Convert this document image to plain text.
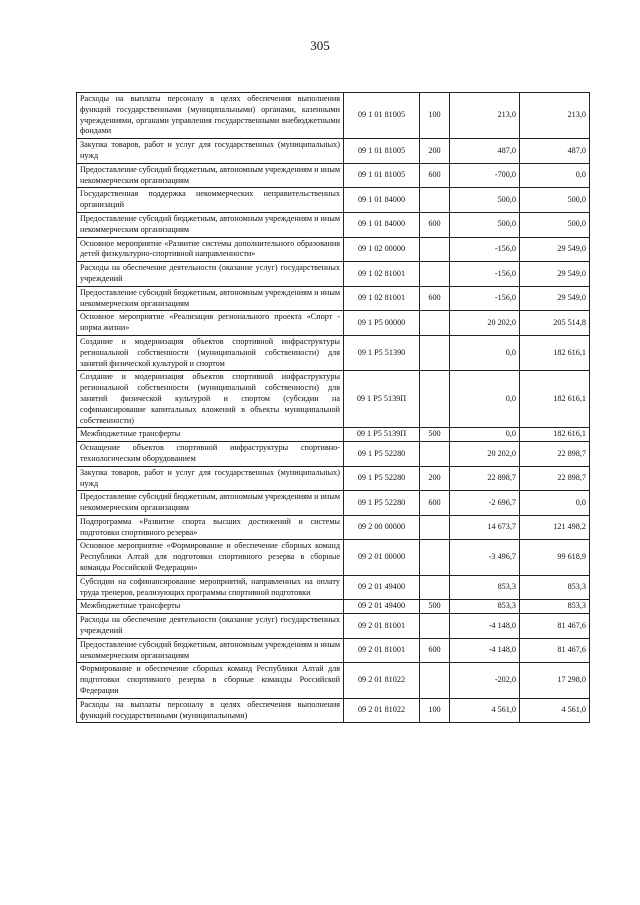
305
Расходы на выплаты персоналу в целях обеспечения выполнения функций государственными (муниципальными) органами, казенными учреждениями, органами управления государственными внебюджетными фондами	09 1 01 81005	100	213,0	213,0
Закупка товаров, работ и услуг для государственных (муниципальных) нужд	09 1 01 81005	200	487,0	487,0
Предоставление субсидий бюджетным, автономным учреждениям и иным некоммерческим организациям	09 1 01 81005	600	-700,0	0,0
Государственная поддержка некоммерческих неправительственных организаций	09 1 01 84000		500,0	500,0
Предоставление субсидий бюджетным, автономным учреждениям и иным некоммерческим организациям	09 1 01 84000	600	500,0	500,0
Основное мероприятие «Развитие системы дополнительного образования детей физкультурно-спортивной направленности»	09 1 02 00000		-156,0	29 549,0
Расходы на обеспечение деятельности (оказание услуг) государственных учреждений	09 1 02 81001		-156,0	29 549,0
Предоставление субсидий бюджетным, автономным учреждениям и иным некоммерческим организациям	09 1 02 81001	600	-156,0	29 549,0
Основное мероприятие «Реализация регионального проекта «Спорт - норма жизни»	09 1 P5 00000		20 202,0	205 514,8
Создание и модернизация объектов спортивной инфраструктуры региональной собственности (муниципальной собственности) для занятий физической культурой и спортом	09 1 P5 51390		0,0	182 616,1
Создание и модернизация объектов спортивной инфраструктуры региональной собственности (муниципальной собственности) для занятий физической культурой и спортом (субсидии на софинансирование капитальных вложений в объекты муниципальной собственности)	09 1 P5 5139П		0,0	182 616,1
Межбюджетные трансферты	09 1 P5 5139П	500	0,0	182 616,1
Оснащение объектов спортивной инфраструктуры спортивно-технологическим оборудованием	09 1 P5 52280		20 202,0	22 898,7
Закупка товаров, работ и услуг для государственных (муниципальных) нужд	09 1 P5 52280	200	22 898,7	22 898,7
Предоставление субсидий бюджетным, автономным учреждениям и иным некоммерческим организациям	09 1 P5 52280	600	-2 696,7	0,0
Подпрограмма «Развитие спорта высших достижений и системы подготовки спортивного резерва»	09 2 00 00000		14 673,7	121 498,2
Основное мероприятие «Формирование и обеспечение сборных команд Республики Алтай для подготовки спортивного резерва в сборные команды Российской Федерации»	09 2 01 00000		-3 496,7	99 618,9
Субсидии на софинансирование мероприятий, направленных на оплату труда тренеров, реализующих программы спортивной подготовки	09 2 01 49400		853,3	853,3
Межбюджетные трансферты	09 2 01 49400	500	853,3	853,3
Расходы на обеспечение деятельности (оказание услуг) государственных учреждений	09 2 01 81001		-4 148,0	81 467,6
Предоставление субсидий бюджетным, автономным учреждениям и иным некоммерческим организациям	09 2 01 81001	600	-4 148,0	81 467,6
Формирование и обеспечение сборных команд Республики Алтай для подготовки спортивного резерва в сборные команды Российской Федерации	09 2 01 81022		-202,0	17 298,0
Расходы на выплаты персоналу в целях обеспечения выполнения функций государственными (муниципальными)	09 2 01 81022	100	4 561,0	4 561,0
